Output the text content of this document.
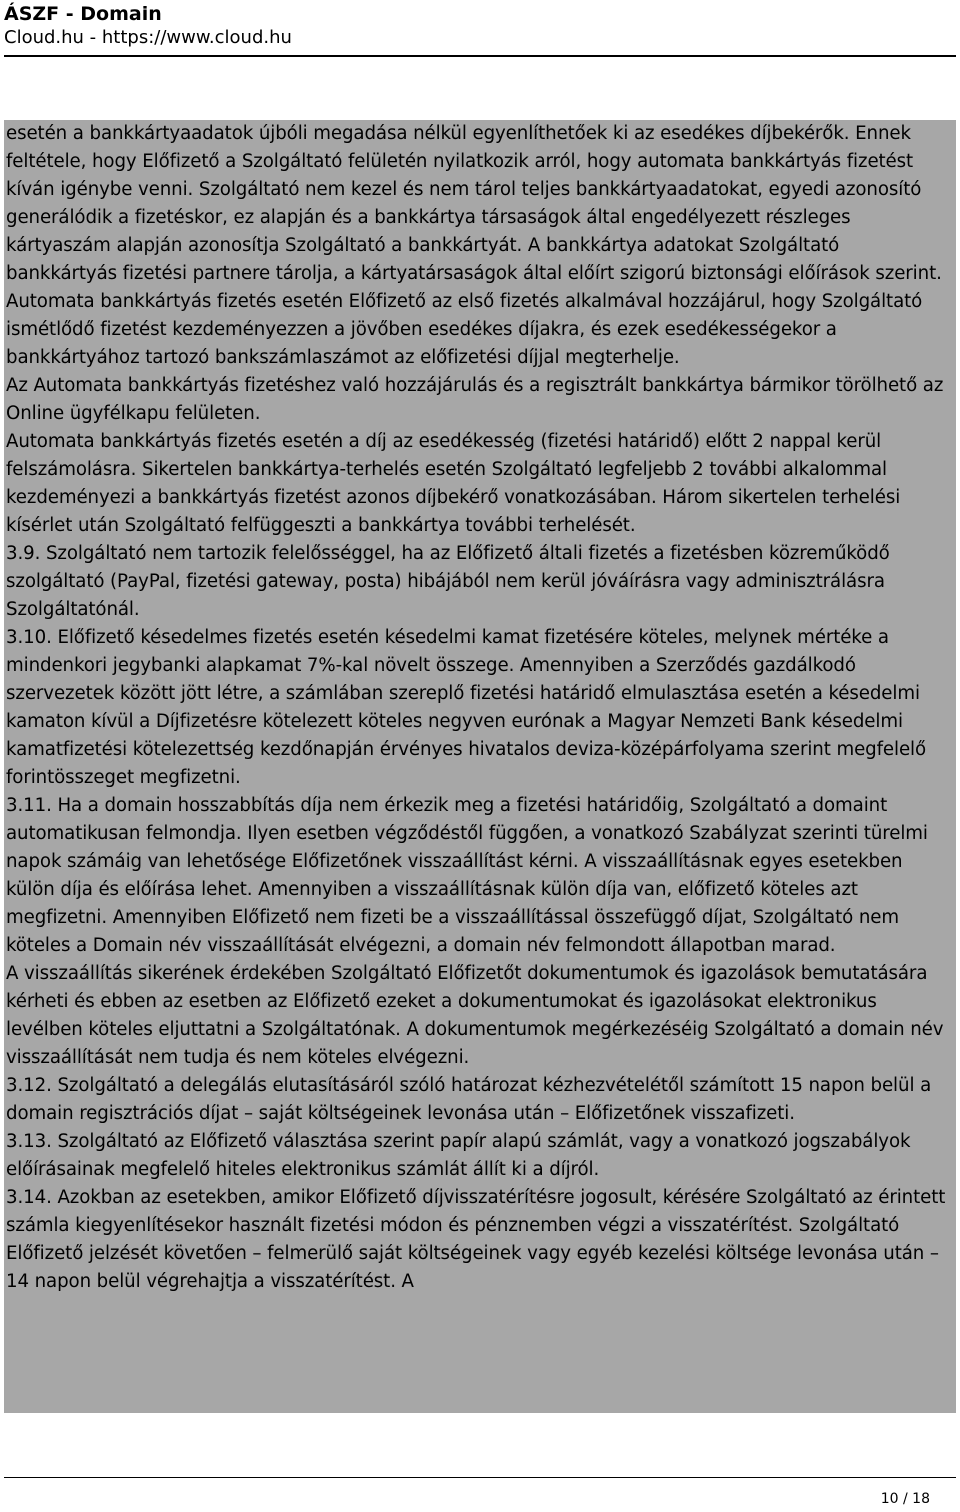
ÁSZF - Domain
Cloud.hu - https://www.cloud.hu

esetén a bankkártyaadatok újbóli megadása nélkül egyenlíthetőek ki az esedékes díjbekérők. Ennek feltétele, hogy Előfizető a Szolgáltató felületén nyilatkozik arról, hogy automata bankkártyás fizetést kíván igénybe venni. Szolgáltató nem kezel és nem tárol teljes bankkártyaadatokat, egyedi azonosító generálódik a fizetéskor, ez alapján és a bankkártya társaságok által engedélyezett részleges kártyaszám alapján azonosítja Szolgáltató a bankkártyát. A bankkártya adatokat Szolgáltató bankkártyás fizetési partnere tárolja, a kártyatársaságok által előírt szigorú biztonsági előírások szerint.

Automata bankkártyás fizetés esetén Előfizető az első fizetés alkalmával hozzájárul, hogy Szolgáltató ismétlődő fizetést kezdeményezzen a jövőben esedékes díjakra, és ezek esedékességekor a bankkártyához tartozó bankszámlaszámot az előfizetési díjjal megterhelje.

Az Automata bankkártyás fizetéshez való hozzájárulás és a regisztrált bankkártya bármikor törölhető az Online ügyfélkapu felületen.

Automata bankkártyás fizetés esetén a díj az esedékesség (fizetési határidő) előtt 2 nappal kerül felszámolásra. Sikertelen bankkártya-terhelés esetén Szolgáltató legfeljebb 2 további alkalommal kezdeményezi a bankkártyás fizetést azonos díjbekérő vonatkozásában. Három sikertelen terhelési kísérlet után Szolgáltató felfüggeszti a bankkártya további terhelését.

3.9. Szolgáltató nem tartozik felelősséggel, ha az Előfizető általi fizetés a fizetésben közreműködő szolgáltató (PayPal, fizetési gateway, posta) hibájából nem kerül jóváírásra vagy adminisztrálásra Szolgáltatónál.

3.10. Előfizető késedelmes fizetés esetén késedelmi kamat fizetésére köteles, melynek mértéke a mindenkori jegybanki alapkamat 7%-kal növelt összege. Amennyiben a Szerződés gazdálkodó szervezetek között jött létre, a számlában szereplő fizetési határidő elmulasztása esetén a késedelmi kamaton kívül a Díjfizetésre kötelezett köteles negyven eurónak a Magyar Nemzeti Bank késedelmi kamatfizetési kötelezettség kezdőnapján érvényes hivatalos deviza-középárfolyama szerint megfelelő forintösszeget megfizetni.

3.11. Ha a domain hosszabbítás díja nem érkezik meg a fizetési határidőig, Szolgáltató a domaint automatikusan felmondja. Ilyen esetben végződéstől függően, a vonatkozó Szabályzat szerinti türelmi napok számáig van lehetősége Előfizetőnek visszaállítást kérni. A visszaállításnak egyes esetekben külön díja és előírása lehet. Amennyiben a visszaállításnak külön díja van, előfizető köteles azt megfizetni. Amennyiben Előfizető nem fizeti be a visszaállítással összefüggő díjat, Szolgáltató nem köteles a Domain név visszaállítását elvégezni, a domain név felmondott állapotban marad.

A visszaállítás sikerének érdekében Szolgáltató Előfizetőt dokumentumok és igazolások bemutatására kérheti és ebben az esetben az Előfizető ezeket a dokumentumokat és igazolásokat elektronikus levélben köteles eljuttatni a Szolgáltatónak. A dokumentumok megérkezéséig Szolgáltató a domain név visszaállítását nem tudja és nem köteles elvégezni.

3.12. Szolgáltató a delegálás elutasításáról szóló határozat kézhezvételétől számított 15 napon belül a domain regisztrációs díjat – saját költségeinek levonása után – Előfizetőnek visszafizeti.

3.13. Szolgáltató az Előfizető választása szerint papír alapú számlát, vagy a vonatkozó jogszabályok előírásainak megfelelő hiteles elektronikus számlát állít ki a díjról.

3.14. Azokban az esetekben, amikor Előfizető díjvisszatérítésre jogosult, kérésére Szolgáltató az érintett számla kiegyenlítésekor használt fizetési módon és pénznemben végzi a visszatérítést. Szolgáltató Előfizető jelzését követően – felmerülő saját költségeinek vagy egyéb kezelési költsége levonása után – 14 napon belül végrehajtja a visszatérítést. A

10 / 18
